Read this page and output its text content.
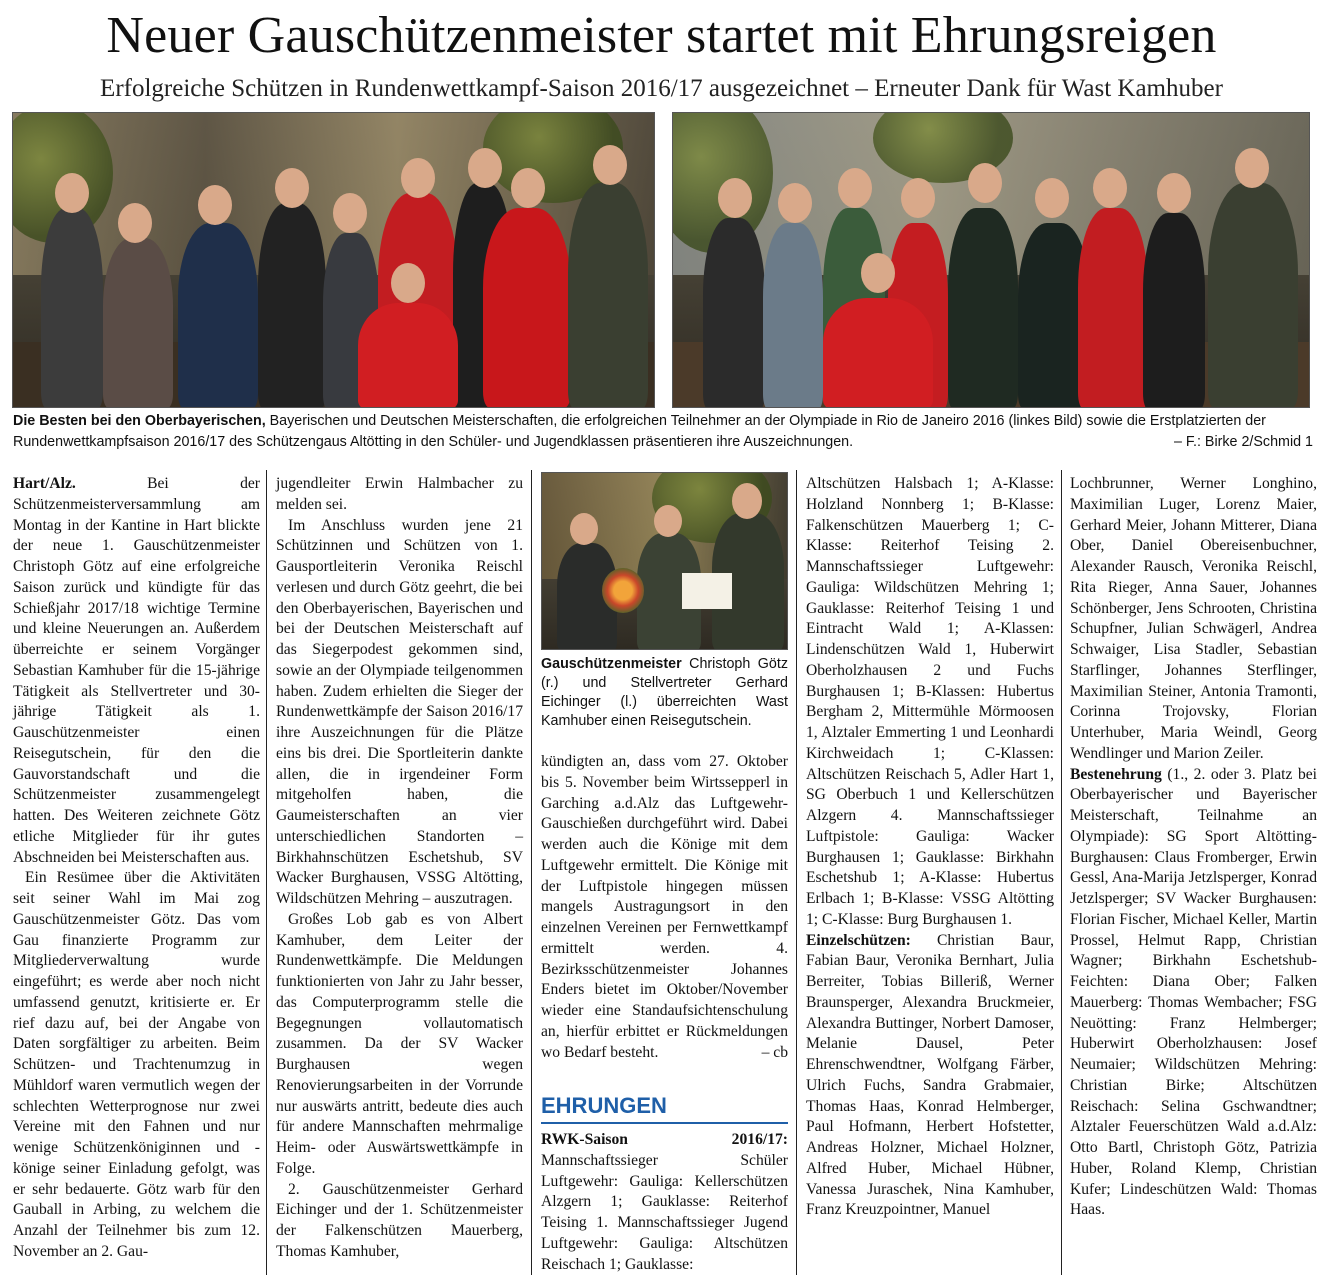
Neuer Gauschützenmeister startet mit Ehrungsreigen
Erfolgreiche Schützen in Rundenwettkampf-Saison 2016/17 ausgezeichnet – Erneuter Dank für Wast Kamhuber
Die Besten bei den Oberbayerischen, Bayerischen und Deutschen Meisterschaften, die erfolgreichen Teilnehmer an der Olympiade in Rio de Janeiro 2016 (linkes Bild) sowie die Erstplatzierten der Rundenwettkampfsaison 2016/17 des Schützengaus Altötting in den Schüler- und Jugendklassen präsentieren ihre Auszeichnungen.	– F.: Birke 2/Schmid 1

Hart/Alz. Bei der Schützenmeisterversammlung am Montag in der Kantine in Hart blickte der neue 1. Gauschützenmeister Christoph Götz auf eine erfolgreiche Saison zurück und kündigte für das Schießjahr 2017/18 wichtige Termine und kleine Neuerungen an. Außerdem überreichte er seinem Vorgänger Sebastian Kamhuber für die 15-jährige Tätigkeit als Stellvertreter und 30-jährige Tätigkeit als 1. Gauschützenmeister einen Reisegutschein, für den die Gauvorstandschaft und die Schützenmeister zusammengelegt hatten. Des Weiteren zeichnete Götz etliche Mitglieder für ihr gutes Abschneiden bei Meisterschaften aus.

Ein Resümee über die Aktivitäten seit seiner Wahl im Mai zog Gauschützenmeister Götz. Das vom Gau finanzierte Programm zur Mitgliederverwaltung wurde eingeführt; es werde aber noch nicht umfassend genutzt, kritisierte er. Er rief dazu auf, bei der Angabe von Daten sorgfältiger zu arbeiten. Beim Schützen- und Trachtenumzug in Mühldorf waren vermutlich wegen der schlechten Wetterprognose nur zwei Vereine mit den Fahnen und nur wenige Schützenköniginnen und -könige seiner Einladung gefolgt, was er sehr bedauerte. Götz warb für den Gauball in Arbing, zu welchem die Anzahl der Teilnehmer bis zum 12. November an 2. Gau-

jugendleiter Erwin Halmbacher zu melden sei.

Im Anschluss wurden jene 21 Schützinnen und Schützen von 1. Gausportleiterin Veronika Reischl verlesen und durch Götz geehrt, die bei den Oberbayerischen, Bayerischen und bei der Deutschen Meisterschaft auf das Siegerpodest gekommen sind, sowie an der Olympiade teilgenommen haben. Zudem erhielten die Sieger der Rundenwettkämpfe der Saison 2016/17 ihre Auszeichnungen für die Plätze eins bis drei. Die Sportleiterin dankte allen, die in irgendeiner Form mitgeholfen haben, die Gaumeisterschaften an vier unterschiedlichen Standorten – Birkhahnschützen Eschetshub, SV Wacker Burghausen, VSSG Altötting, Wildschützen Mehring – auszutragen.

Großes Lob gab es von Albert Kamhuber, dem Leiter der Rundenwettkämpfe. Die Meldungen funktionierten von Jahr zu Jahr besser, das Computerprogramm stelle die Begegnungen vollautomatisch zusammen. Da der SV Wacker Burghausen wegen Renovierungsarbeiten in der Vorrunde nur auswärts antritt, bedeute dies auch für andere Mannschaften mehrmalige Heim- oder Auswärtswettkämpfe in Folge.

2. Gauschützenmeister Gerhard Eichinger und der 1. Schützenmeister der Falkenschützen Mauerberg, Thomas Kamhuber,

Gauschützenmeister Christoph Götz (r.) und Stellvertreter Gerhard Eichinger (l.) überreichten Wast Kamhuber einen Reisegutschein.

kündigten an, dass vom 27. Oktober bis 5. November beim Wirtssepperl in Garching a.d.Alz das Luftgewehr-Gauschießen durchgeführt wird. Dabei werden auch die Könige mit dem Luftgewehr ermittelt. Die Könige mit der Luftpistole hingegen müssen mangels Austragungsort in den einzelnen Vereinen per Fernwettkampf ermittelt werden. 4. Bezirksschützenmeister Johannes Enders bietet im Oktober/November wieder eine Standaufsichtenschulung an, hierfür erbittet er Rückmeldungen wo Bedarf besteht.	– cb

EHRUNGEN

RWK-Saison 2016/17: Mannschaftssieger Schüler Luftgewehr: Gauliga: Kellerschützen Alzgern 1; Gauklasse: Reiterhof Teising 1. Mannschaftssieger Jugend Luftgewehr: Gauliga: Altschützen Reischach 1; Gauklasse:

Altschützen Halsbach 1; A-Klasse: Holzland Nonnberg 1; B-Klasse: Falkenschützen Mauerberg 1; C-Klasse: Reiterhof Teising 2. Mannschaftssieger Luftgewehr: Gauliga: Wildschützen Mehring 1; Gauklasse: Reiterhof Teising 1 und Eintracht Wald 1; A-Klassen: Lindenschützen Wald 1, Huberwirt Oberholzhausen 2 und Fuchs Burghausen 1; B-Klassen: Hubertus Bergham 2, Mittermühle Mörmoosen 1, Alztaler Emmerting 1 und Leonhardi Kirchweidach 1; C-Klassen: Altschützen Reischach 5, Adler Hart 1, SG Oberbuch 1 und Kellerschützen Alzgern 4. Mannschaftssieger Luftpistole: Gauliga: Wacker Burghausen 1; Gauklasse: Birkhahn Eschetshub 1; A-Klasse: Hubertus Erlbach 1; B-Klasse: VSSG Altötting 1; C-Klasse: Burg Burghausen 1.

Einzelschützen: Christian Baur, Fabian Baur, Veronika Bernhart, Julia Berreiter, Tobias Billeriß, Werner Braunsperger, Alexandra Bruckmeier, Alexandra Buttinger, Norbert Damoser, Melanie Dausel, Peter Ehrenschwendtner, Wolfgang Färber, Ulrich Fuchs, Sandra Grabmaier, Thomas Haas, Konrad Helmberger, Paul Hofmann, Herbert Hofstetter, Andreas Holzner, Michael Holzner, Alfred Huber, Michael Hübner, Vanessa Juraschek, Nina Kamhuber, Franz Kreuzpointner, Manuel

Lochbrunner, Werner Longhino, Maximilian Luger, Lorenz Maier, Gerhard Meier, Johann Mitterer, Diana Ober, Daniel Obereisenbuchner, Alexander Rausch, Veronika Reischl, Rita Rieger, Anna Sauer, Johannes Schönberger, Jens Schrooten, Christina Schupfner, Julian Schwägerl, Andrea Schwaiger, Lisa Stadler, Sebastian Starflinger, Johannes Sterflinger, Maximilian Steiner, Antonia Tramonti, Corinna Trojovsky, Florian Unterhuber, Maria Weindl, Georg Wendlinger und Marion Zeiler.

Bestenehrung (1., 2. oder 3. Platz bei Oberbayerischer und Bayerischer Meisterschaft, Teilnahme an Olympiade): SG Sport Altötting-Burghausen: Claus Fromberger, Erwin Gessl, Ana-Marija Jetzlsperger, Konrad Jetzlsperger; SV Wacker Burghausen: Florian Fischer, Michael Keller, Martin Prossel, Helmut Rapp, Christian Wagner; Birkhahn Eschetshub-Feichten: Diana Ober; Falken Mauerberg: Thomas Wembacher; FSG Neuötting: Franz Helmberger; Huberwirt Oberholzhausen: Josef Neumaier; Wildschützen Mehring: Christian Birke; Altschützen Reischach: Selina Gschwandtner; Alztaler Feuerschützen Wald a.d.Alz: Otto Bartl, Christoph Götz, Patrizia Huber, Roland Klemp, Christian Kufer; Lindeschützen Wald: Thomas Haas.
